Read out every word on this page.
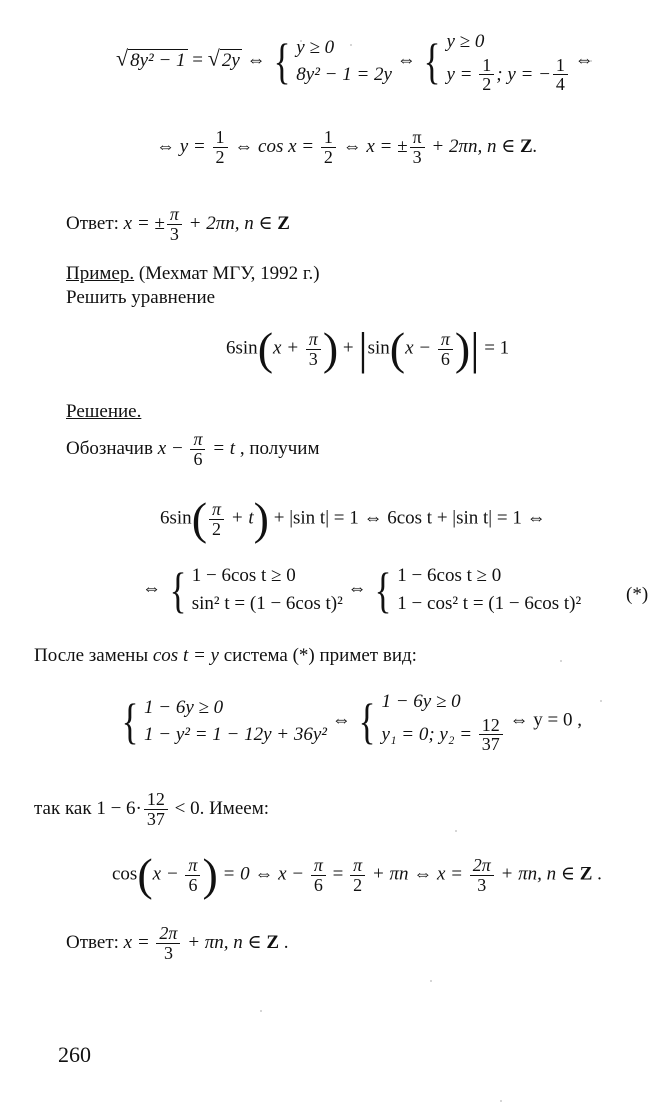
√ 8y² − 1 = √ 2y ⇔ { y ≥ 0
8y² − 1 = 2y
⇔ { y ≥ 0
$y = \frac{1}{2}$ ; y = − $\frac{1}{4}$ ⇔
⇔ $y = \frac{1}{2}$ ⇔ $\cos x = \frac{1}{2}$ ⇔ x = ± $\frac{\pi}{3} + 2\pi n$, n ∈ Z.
Ответ: x = ± $\frac{\pi}{3} + 2\pi n$, n ∈ Z
Пример. (Мехмат МГУ, 1992 г.)
Решить уравнение
$6\sin(x + \frac{\pi}{3}$ ) + $|\sin(x - \frac{\pi}{6}$ )| = 1
Решение.
Обозначив $x - \frac{\pi}{6} = t$ , получим
$6\sin( \frac{\pi}{2} + t) + |\sin$ t| = 1 ⇔ 6cos t + |sin t| = 1 ⇔
⇔ { 1 − 6cos t ≥ 0
sin² t = (1 − 6cos t)²
⇔ { 1 − 6cos t ≥ 0
1 − cos² t = (1 − 6cos t)² (*)
После замены cos t = y система (*) примет вид:
{ 1 − 6y ≥ 0
1 − y² = 1 − 12y + 36y²
⇔ { 1 − 6y ≥ 0
y₁ = 0; $y_2 = \frac{12}{37}$ ⇔ y = 0 ,
так как $1 - 6\cdot \frac{12}{37} < 0$. Имеем:
$\cos(x - \frac{\pi}{6}$ ) = 0 ⇔ $x - \frac{\pi}{6} = \frac{\pi}{2} + \pi n$ ⇔ $x = \frac{2\pi}{3} + \pi n$, n ∈ Z .
Ответ: $x = \frac{2\pi}{3} + \pi n$, n ∈ Z .
260
